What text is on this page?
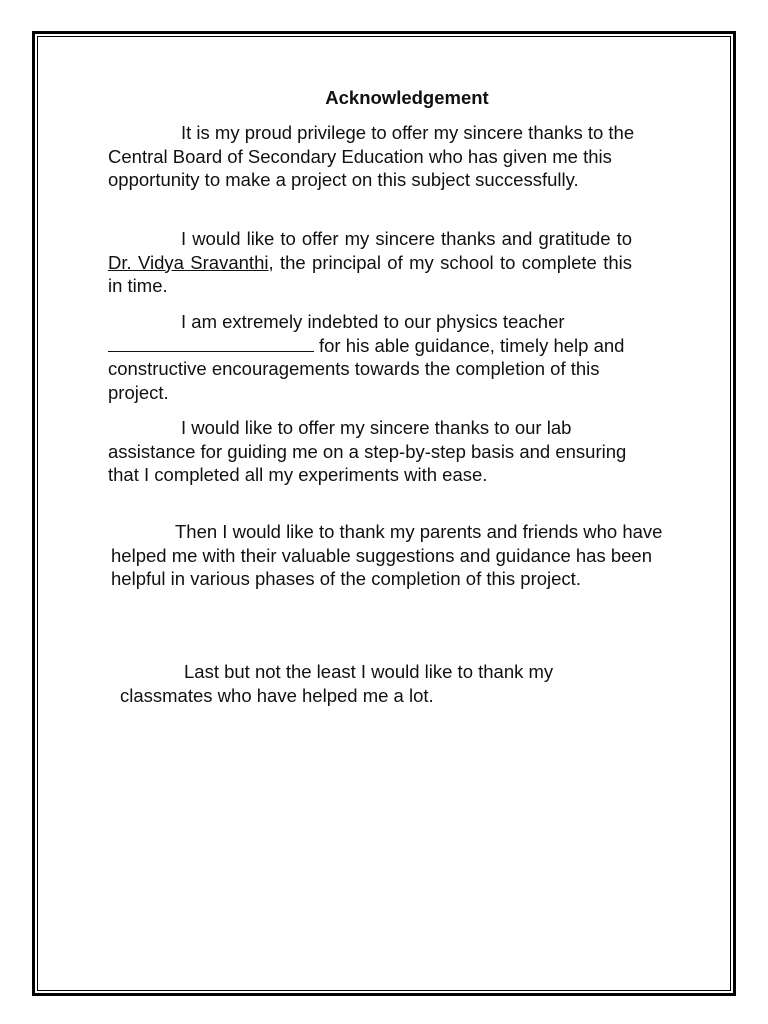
Acknowledgement

It is my proud privilege to offer my sincere thanks to the Central Board of Secondary Education who has given me this opportunity to make a project on this subject successfully.

I would like to offer my sincere thanks and gratitude to Dr. Vidya Sravanthi, the principal of my school to complete this in time.

I am extremely indebted to our physics teacher
for his able guidance, timely help and constructive encouragements towards the completion of this project.

I would like to offer my sincere thanks to our lab assistance for guiding me on a step-by-step basis and ensuring that I completed all my experiments with ease.

Then I would like to thank my parents and friends who have helped me with their valuable suggestions and guidance has been helpful in various phases of the completion of this project.

Last but not the least I would like to thank my classmates who have helped me a lot.
